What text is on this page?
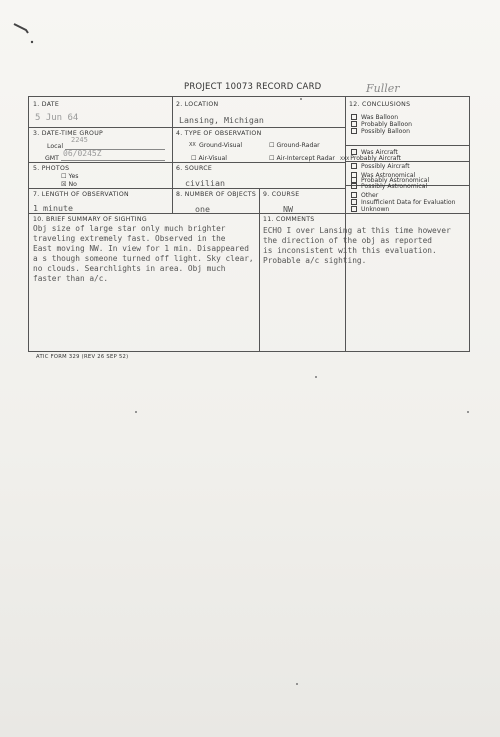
PROJECT 10073 RECORD CARD	Fuller
1. DATE
5 Jun 64
2. LOCATION
Lansing, Michigan
3. DATE-TIME GROUP
Local
2245
GMT
06/0245Z
4. TYPE OF OBSERVATION
XX Ground-Visual	☐ Ground-Radar
☐ Air-Visual	☐ Air-Intercept Radar
5. PHOTOS
☐ Yes
☒ No
6. SOURCE
civilian
7. LENGTH OF OBSERVATION
1 minute
8. NUMBER OF OBJECTS
one
9. COURSE
NW
10. BRIEF SUMMARY OF SIGHTING
Obj size of large star only much brighter
traveling extremely fast. Observed in the
East moving NW. In view for 1 min. Disappeared
a s though someone turned off light. Sky clear,
no clouds. Searchlights in area. Obj much
faster than a/c.
11. COMMENTS
ECHO I over Lansing at this time however
the direction of the obj as reported
is inconsistent with this evaluation.
Probable a/c sighting.
12. CONCLUSIONS
Was Balloon
Probably Balloon
Possibly Balloon
Was Aircraft
XXXProbably Aircraft
Possibly Aircraft
Was Astronomical
Probably Astronomical
Possibly Astronomical
Other
Insufficient Data for Evaluation
Unknown
ATIC FORM 329 (REV 26 SEP 52)
